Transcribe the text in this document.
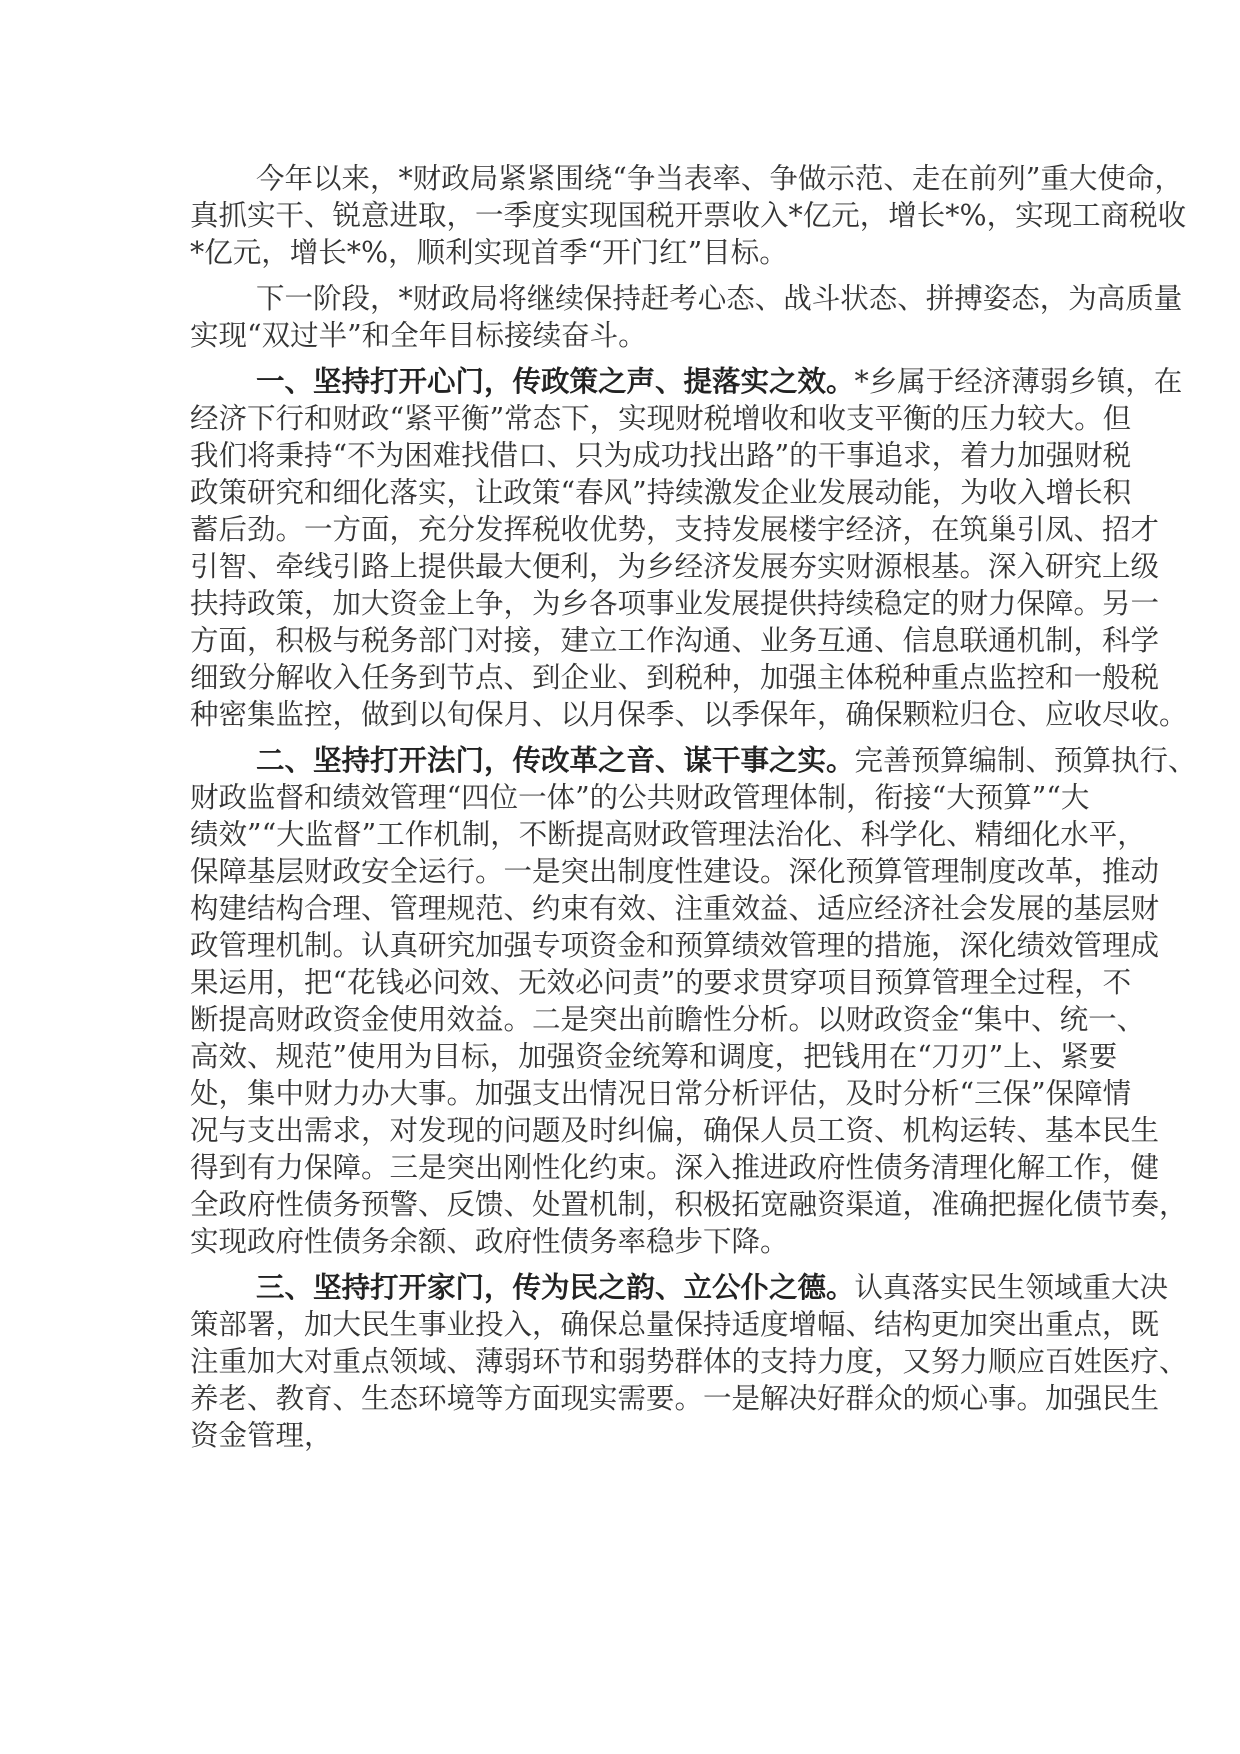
今年以来，*财政局紧紧围绕“争当表率、争做示范、走在前列”重大使命，
真抓实干、锐意进取，一季度实现国税开票收入*亿元，增长*%，实现工商税收
*亿元，增长*%，顺利实现首季“开门红”目标。
下一阶段，*财政局将继续保持赶考心态、战斗状态、拼搏姿态，为高质量
实现“双过半”和全年目标接续奋斗。
一、坚持打开心门，传政策之声、提落实之效。*乡属于经济薄弱乡镇，在
经济下行和财政“紧平衡”常态下，实现财税增收和收支平衡的压力较大。但
我们将秉持“不为困难找借口、只为成功找出路”的干事追求，着力加强财税
政策研究和细化落实，让政策“春风”持续激发企业发展动能，为收入增长积
蓄后劲。一方面，充分发挥税收优势，支持发展楼宇经济，在筑巢引凤、招才
引智、牵线引路上提供最大便利，为乡经济发展夯实财源根基。深入研究上级
扶持政策，加大资金上争，为乡各项事业发展提供持续稳定的财力保障。另一
方面，积极与税务部门对接，建立工作沟通、业务互通、信息联通机制，科学
细致分解收入任务到节点、到企业、到税种，加强主体税种重点监控和一般税
种密集监控，做到以旬保月、以月保季、以季保年，确保颗粒归仓、应收尽收。
二、坚持打开法门，传改革之音、谋干事之实。完善预算编制、预算执行、
财政监督和绩效管理“四位一体”的公共财政管理体制，衔接“大预算”“大
绩效”“大监督”工作机制，不断提高财政管理法治化、科学化、精细化水平，
保障基层财政安全运行。一是突出制度性建设。深化预算管理制度改革，推动
构建结构合理、管理规范、约束有效、注重效益、适应经济社会发展的基层财
政管理机制。认真研究加强专项资金和预算绩效管理的措施，深化绩效管理成
果运用，把“花钱必问效、无效必问责”的要求贯穿项目预算管理全过程，不
断提高财政资金使用效益。二是突出前瞻性分析。以财政资金“集中、统一、
高效、规范”使用为目标，加强资金统筹和调度，把钱用在“刀刃”上、紧要
处，集中财力办大事。加强支出情况日常分析评估，及时分析“三保”保障情
况与支出需求，对发现的问题及时纠偏，确保人员工资、机构运转、基本民生
得到有力保障。三是突出刚性化约束。深入推进政府性债务清理化解工作，健
全政府性债务预警、反馈、处置机制，积极拓宽融资渠道，准确把握化债节奏，
实现政府性债务余额、政府性债务率稳步下降。
三、坚持打开家门，传为民之韵、立公仆之德。认真落实民生领域重大决
策部署，加大民生事业投入，确保总量保持适度增幅、结构更加突出重点，既
注重加大对重点领域、薄弱环节和弱势群体的支持力度，又努力顺应百姓医疗、
养老、教育、生态环境等方面现实需要。一是解决好群众的烦心事。加强民生
资金管理，
